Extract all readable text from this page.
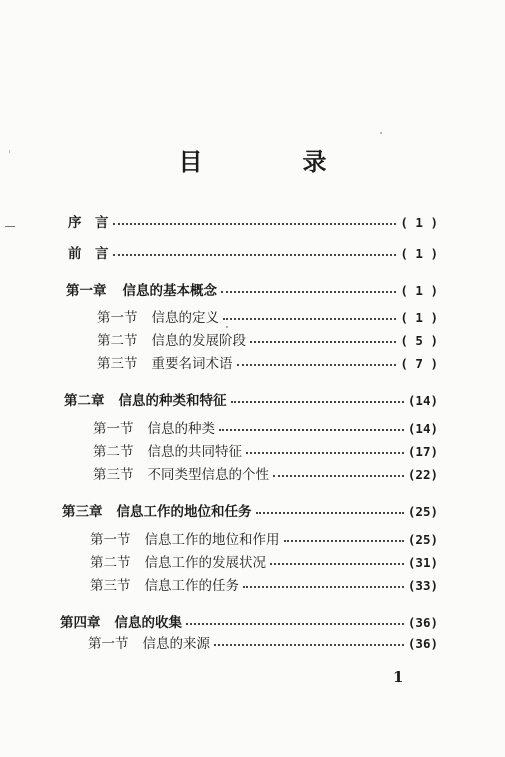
目　录
序　言	( 1 )
前　言	( 1 )
第一章 信息的基本概念	( 1 )
第一节 信息的定义	( 1 )
第二节 信息的发展阶段	( 5 )
第三节 重要名词术语	( 7 )
第二章 信息的种类和特征	(14)
第一节 信息的种类	(14)
第二节 信息的共同特征	(17)
第三节 不同类型信息的个性	(22)
第三章 信息工作的地位和任务	(25)
第一节 信息工作的地位和作用	(25)
第二节 信息工作的发展状况	(31)
第三节 信息工作的任务	(33)
第四章 信息的收集	(36)
第一节 信息的来源	(36)
1
